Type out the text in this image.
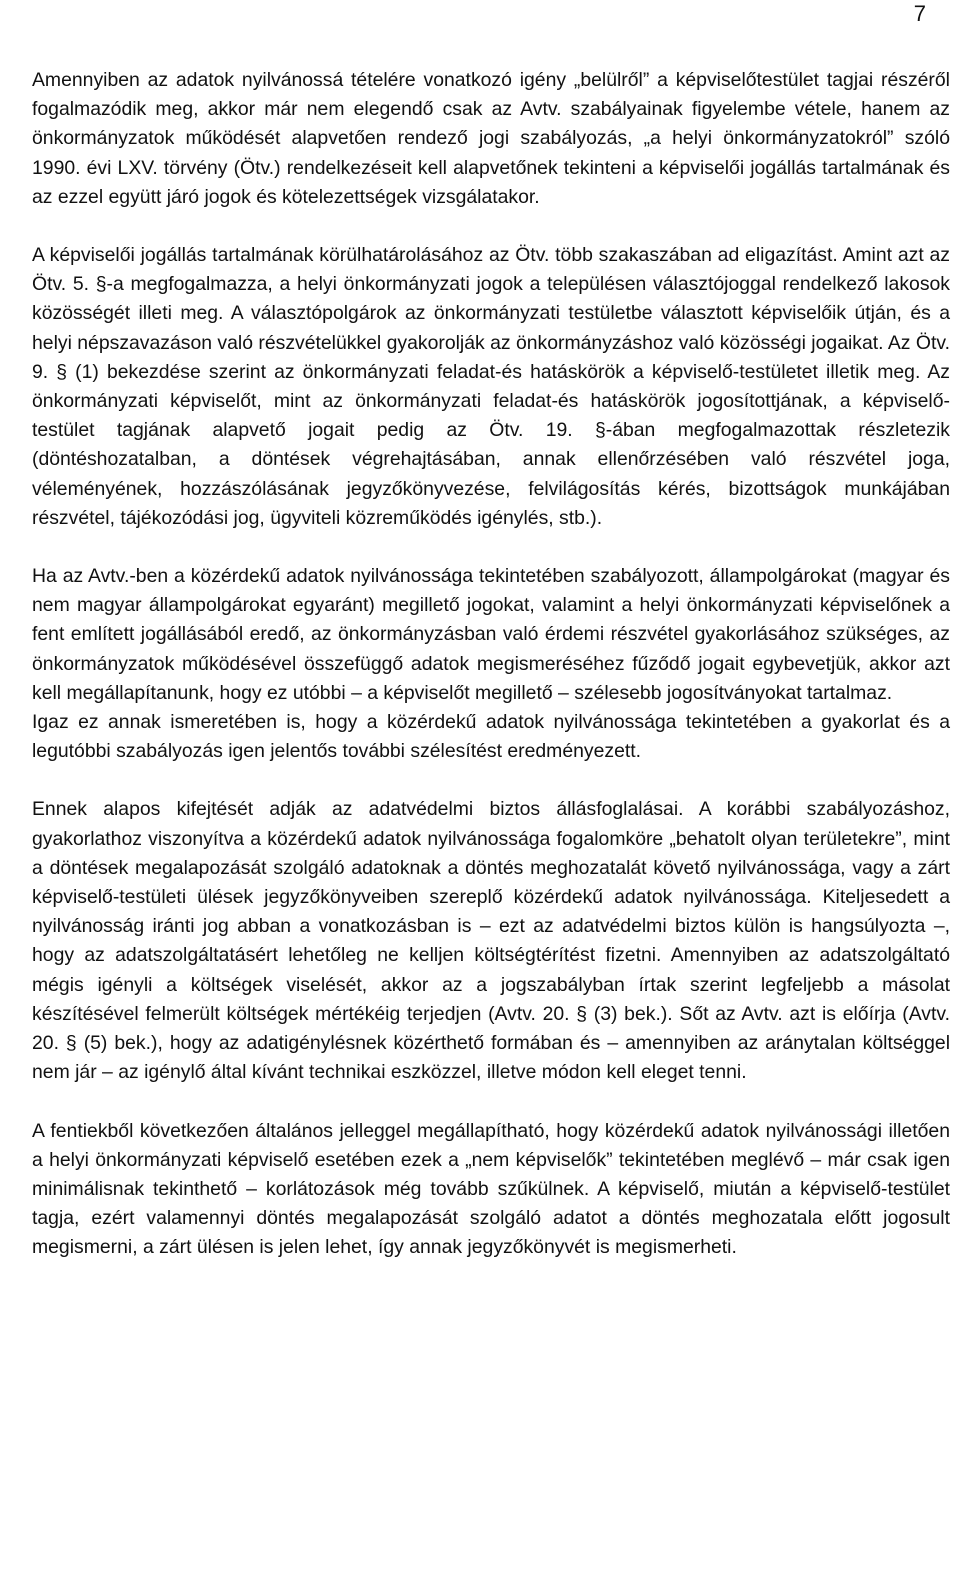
7

Amennyiben az adatok nyilvánossá tételére vonatkozó igény „belülről” a képviselőtestület tagjai részéről fogalmazódik meg, akkor már nem elegendő csak az Avtv. szabályainak figyelembe vétele, hanem az önkormányzatok működését alapvetően rendező jogi szabályozás, „a helyi önkormányzatokról” szóló 1990. évi LXV. törvény (Ötv.) rendelkezéseit kell alapvetőnek tekinteni a képviselői jogállás tartalmának és az ezzel együtt járó jogok és kötelezettségek vizsgálatakor.

A képviselői jogállás tartalmának körülhatárolásához az Ötv. több szakaszában ad eligazítást. Amint azt az Ötv. 5. §-a megfogalmazza, a helyi önkormányzati jogok a településen választójoggal rendelkező lakosok közösségét illeti meg. A választópolgárok az önkormányzati testületbe választott képviselőik útján, és a helyi népszavazáson való részvételükkel gyakorolják az önkormányzáshoz való közösségi jogaikat. Az Ötv. 9. § (1) bekezdése szerint az önkormányzati feladat-és hatáskörök a képviselő-testületet illetik meg. Az önkormányzati képviselőt, mint az önkormányzati feladat-és hatáskörök jogosítottjának, a képviselő-testület tagjának alapvető jogait pedig az Ötv. 19. §-ában megfogalmazottak részletezik (döntéshozatalban, a döntések végrehajtásában, annak ellenőrzésében való részvétel joga, véleményének, hozzászólásának jegyzőkönyvezése, felvilágosítás kérés, bizottságok munkájában részvétel, tájékozódási jog, ügyviteli közreműködés igénylés, stb.).

Ha az Avtv.-ben a közérdekű adatok nyilvánossága tekintetében szabályozott, állampolgárokat (magyar és nem magyar állampolgárokat egyaránt) megillető jogokat, valamint a helyi önkormányzati képviselőnek a fent említett jogállásából eredő, az önkormányzásban való érdemi részvétel gyakorlásához szükséges, az önkormányzatok működésével összefüggő adatok megismeréséhez fűződő jogait egybevetjük, akkor azt kell megállapítanunk, hogy ez utóbbi – a képviselőt megillető – szélesebb jogosítványokat tartalmaz.

Igaz ez annak ismeretében is, hogy a közérdekű adatok nyilvánossága tekintetében a gyakorlat és a legutóbbi szabályozás igen jelentős további szélesítést eredményezett.

Ennek alapos kifejtését adják az adatvédelmi biztos állásfoglalásai. A korábbi szabályozáshoz, gyakorlathoz viszonyítva a közérdekű adatok nyilvánossága fogalomköre „behatolt olyan területekre”, mint a döntések megalapozását szolgáló adatoknak a döntés meghozatalát követő nyilvánossága, vagy a zárt képviselő-testületi ülések jegyzőkönyveiben szereplő közérdekű adatok nyilvánossága. Kiteljesedett a nyilvánosság iránti jog abban a vonatkozásban is – ezt az adatvédelmi biztos külön is hangsúlyozta –, hogy az adatszolgáltatásért lehetőleg ne kelljen költségtérítést fizetni. Amennyiben az adatszolgáltató mégis igényli a költségek viselését, akkor az a jogszabályban írtak szerint legfeljebb a másolat készítésével felmerült költségek mértékéig terjedjen (Avtv. 20. § (3) bek.). Sőt az Avtv. azt is előírja (Avtv. 20. § (5) bek.), hogy az adatigénylésnek közérthető formában és – amennyiben az aránytalan költséggel nem jár – az igénylő által kívánt technikai eszközzel, illetve módon kell eleget tenni.

A fentiekből következően általános jelleggel megállapítható, hogy közérdekű adatok nyilvánossági illetően a helyi önkormányzati képviselő esetében ezek a „nem képviselők” tekintetében meglévő – már csak igen minimálisnak tekinthető – korlátozások még tovább szűkülnek. A képviselő, miután a képviselő-testület tagja, ezért valamennyi döntés megalapozását szolgáló adatot a döntés meghozatala előtt jogosult megismerni, a zárt ülésen is jelen lehet, így annak jegyzőkönyvét is megismerheti.
